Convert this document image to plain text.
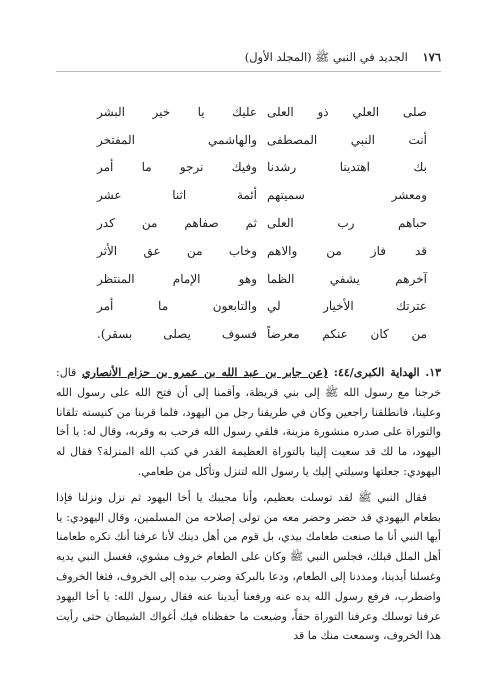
١٧٦    الجديد في النبي ﷺ (المجلد الأول)
صلى العلي ذو العلى
عليك يا خير البشر
أنت النبي المصطفى
والهاشمي المفتخر
بك اهتدينا رشدنا
وفيك نرجو ما أمر
ومعشر سميتهم
أئمة اثنا عشر
حباهم رب العلى
ثم صفاهم من كدر
قد فاز من والاهم
وخاب من عق الأثر
آخرهم يشفي الظما
وهو الإمام المنتظر
عترتك الأخيار لي
والتابعون ما أمر
من كان عنكم معرضاً
فسوف يصلى بسقر).

١٣. الهداية الكبرى/٤٤: (عن جابر بن عبد الله بن عمرو بن حزام الأنصاري قال: خرجنا مع رسول الله ﷺ إلى بني قريظة، وأقمنا إلى أن فتح الله على رسول الله وعلينا، فانطلقنا راجعين وكان في طريقنا رجل من اليهود، فلما قربنا من كنيسته تلقانا والتوراة على صدره منشورة مزينة، فلقي رسول الله فرحب به وقربه، وقال له: يا أخا اليهود، ما لك قد سعيت إلينا بالتوراة العظيمة القدر في كتب الله المنزلة؟ فقال له اليهودي: جعلتها وسيلتي إليك يا رسول الله لتنزل وتأكل من طعامي.

فقال النبي ﷺ لقد توسلت بعظيم، وأنا مجيبك يا أخا اليهود ثم نزل ونزلنا فإذا بطعام اليهودي قد حضر وحضر معه من تولى إصلاحه من المسلمين، وقال اليهودي: يا أيها النبي أنا ما صنعت طعامك بيدي، بل قوم من أهل دينك لأنا عرفنا أنك تكره طعامنا أهل الملل قبلك، فجلس النبي ﷺ وكان على الطعام خروف مشوي، فغسل النبي يديه وغسلنا أيدينا، ومددنا إلى الطعام، ودعا بالبركة وضرب بيده إلى الخروف، فثغا الخروف واضطرب، فرفع رسول الله يده عنه ورفعنا أيدينا عنه فقال رسول الله: يا أخا اليهود عرفنا توسلك وعرفنا التوراة حقاً، وضيعت ما حفظناه فيك أغواك الشيطان حتى رأيت هذا الخروف، وسمعت منك ما قد
